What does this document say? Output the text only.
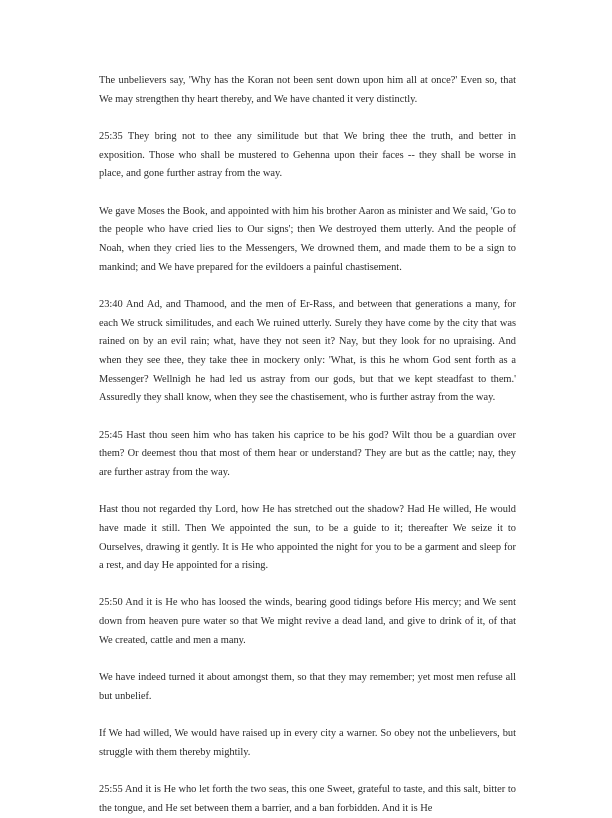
The unbelievers say, 'Why has the Koran not been sent down upon him all at once?' Even so, that We may strengthen thy heart thereby, and We have chanted it very distinctly.

25:35 They bring not to thee any similitude but that We bring thee the truth, and better in exposition. Those who shall be mustered to Gehenna upon their faces -- they shall be worse in place, and gone further astray from the way.

We gave Moses the Book, and appointed with him his brother Aaron as minister and We said, 'Go to the people who have cried lies to Our signs'; then We destroyed them utterly. And the people of Noah, when they cried lies to the Messengers, We drowned them, and made them to be a sign to mankind; and We have prepared for the evildoers a painful chastisement.

23:40 And Ad, and Thamood, and the men of Er-Rass, and between that generations a many, for each We struck similitudes, and each We ruined utterly. Surely they have come by the city that was rained on by an evil rain; what, have they not seen it? Nay, but they look for no upraising. And when they see thee, they take thee in mockery only: 'What, is this he whom God sent forth as a Messenger? Wellnigh he had led us astray from our gods, but that we kept steadfast to them.' Assuredly they shall know, when they see the chastisement, who is further astray from the way.

25:45 Hast thou seen him who has taken his caprice to be his god? Wilt thou be a guardian over them? Or deemest thou that most of them hear or understand? They are but as the cattle; nay, they are further astray from the way.

Hast thou not regarded thy Lord, how He has stretched out the shadow? Had He willed, He would have made it still. Then We appointed the sun, to be a guide to it; thereafter We seize it to Ourselves, drawing it gently. It is He who appointed the night for you to be a garment and sleep for a rest, and day He appointed for a rising.

25:50 And it is He who has loosed the winds, bearing good tidings before His mercy; and We sent down from heaven pure water so that We might revive a dead land, and give to drink of it, of that We created, cattle and men a many.

We have indeed turned it about amongst them, so that they may remember; yet most men refuse all but unbelief.

If We had willed, We would have raised up in every city a warner. So obey not the unbelievers, but struggle with them thereby mightily.

25:55 And it is He who let forth the two seas, this one Sweet, grateful to taste, and this salt, bitter to the tongue, and He set between them a barrier, and a ban forbidden. And it is He
